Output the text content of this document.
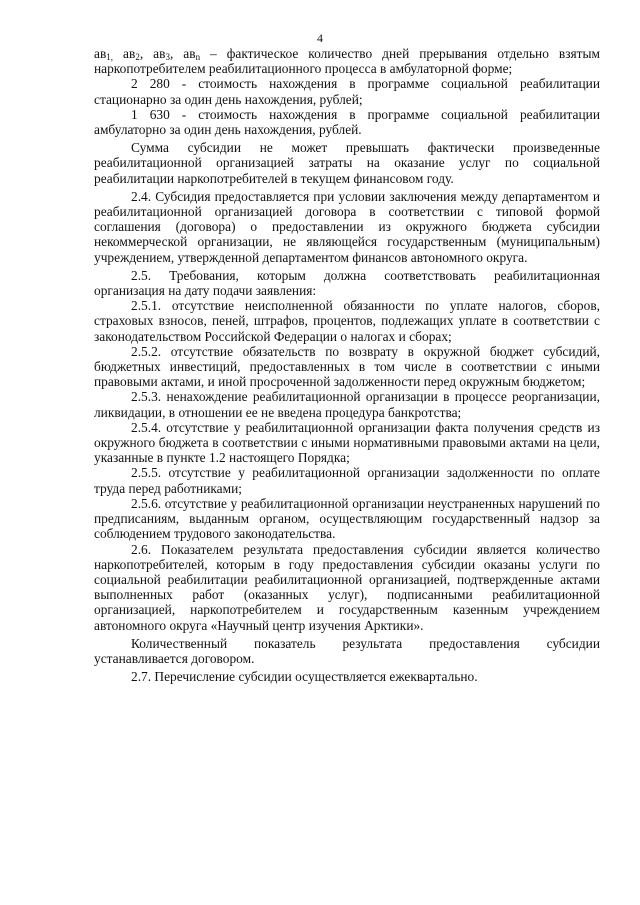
4

$ав_{1,}$ $ав_2$, $ав_3$, $ав_n$ – фактическое количество дней прерывания отдельно взятым наркопотребителем реабилитационного процесса в амбулаторной форме;

2 280 - стоимость нахождения в программе социальной реабилитации стационарно за один день нахождения, рублей;

1 630 - стоимость нахождения в программе социальной реабилитации амбулаторно за один день нахождения, рублей.

Сумма субсидии не может превышать фактически произведенные реабилитационной организацией затраты на оказание услуг по социальной реабилитации наркопотребителей в текущем финансовом году.

2.4. Субсидия предоставляется при условии заключения между департаментом и реабилитационной организацией договора в соответствии с типовой формой соглашения (договора) о предоставлении из окружного бюджета субсидии некоммерческой организации, не являющейся государственным (муниципальным) учреждением, утвержденной департаментом финансов автономного округа.

2.5. Требования, которым должна соответствовать реабилитационная организация на дату подачи заявления:

2.5.1. отсутствие неисполненной обязанности по уплате налогов, сборов, страховых взносов, пеней, штрафов, процентов, подлежащих уплате в соответствии с законодательством Российской Федерации о налогах и сборах;

2.5.2. отсутствие обязательств по возврату в окружной бюджет субсидий, бюджетных инвестиций, предоставленных в том числе в соответствии с иными правовыми актами, и иной просроченной задолженности перед окружным бюджетом;

2.5.3. ненахождение реабилитационной организации в процессе реорганизации, ликвидации, в отношении ее не введена процедура банкротства;

2.5.4. отсутствие у реабилитационной организации факта получения средств из окружного бюджета в соответствии с иными нормативными правовыми актами на цели, указанные в пункте 1.2 настоящего Порядка;

2.5.5. отсутствие у реабилитационной организации задолженности по оплате труда перед работниками;

2.5.6. отсутствие у реабилитационной организации неустраненных нарушений по предписаниям, выданным органом, осуществляющим государственный надзор за соблюдением трудового законодательства.

2.6. Показателем результата предоставления субсидии является количество наркопотребителей, которым в году предоставления субсидии оказаны услуги по социальной реабилитации реабилитационной организацией, подтвержденные актами выполненных работ (оказанных услуг), подписанными реабилитационной организацией, наркопотребителем и государственным казенным учреждением автономного округа «Научный центр изучения Арктики».

Количественный показатель результата предоставления субсидии устанавливается договором.

2.7. Перечисление субсидии осуществляется ежеквартально.
